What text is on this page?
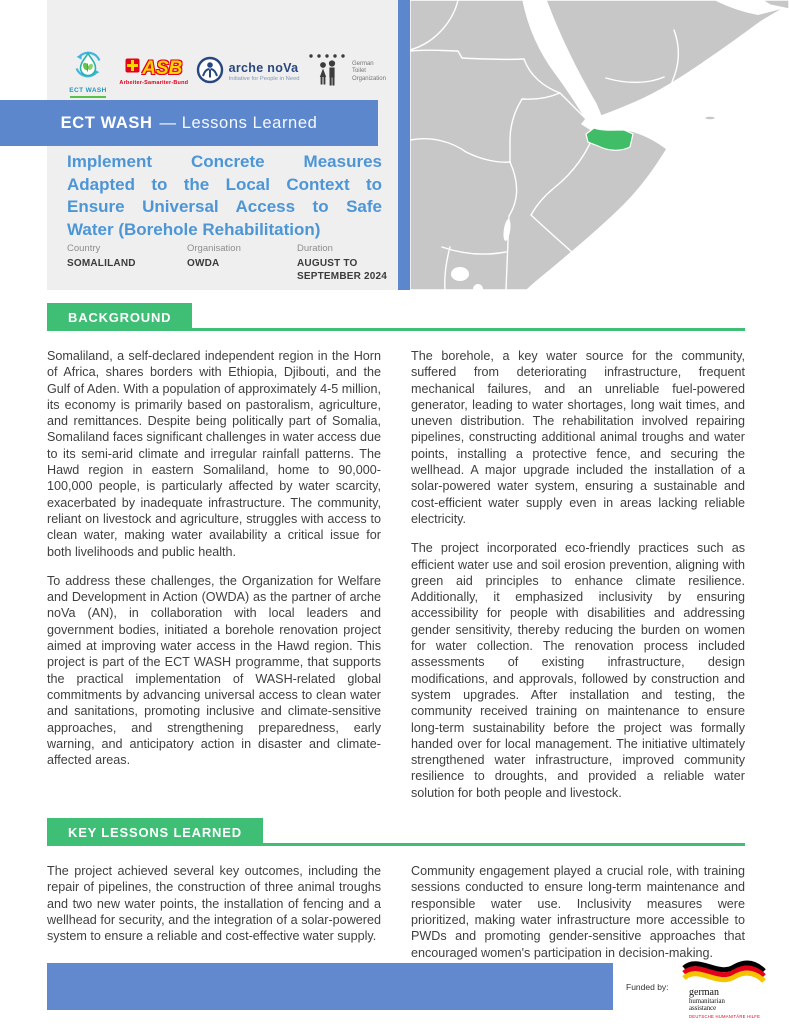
ECT WASH
ASB
Arbeiter-Samariter-Bund
arche noVa
Initiative for People in Need
German
Toilet
Organization
ECT WASH — Lessons Learned
Implement Concrete Measures Adapted to the Local Context to Ensure Universal Access to Safe Water (Borehole Rehabilitation)
Country
SOMALILAND
Organisation
OWDA
Duration
AUGUST TO SEPTEMBER 2024
BACKGROUND

Somaliland, a self-declared independent region in the Horn of Africa, shares borders with Ethiopia, Djibouti, and the Gulf of Aden. With a population of approximately 4-5 million, its economy is primarily based on pastoralism, agriculture, and remittances. Despite being politically part of Somalia, Somaliland faces significant challenges in water access due to its semi-arid climate and irregular rainfall patterns. The Hawd region in eastern Somaliland, home to 90,000-100,000 people, is particularly affected by water scarcity, exacerbated by inadequate infrastructure. The community, reliant on livestock and agriculture, struggles with access to clean water, making water availability a critical issue for both livelihoods and public health.

To address these challenges, the Organization for Welfare and Development in Action (OWDA) as the partner of arche noVa (AN), in collaboration with local leaders and government bodies, initiated a borehole renovation project aimed at improving water access in the Hawd region. This project is part of the ECT WASH programme, that supports the practical implementation of WASH-related global commitments by advancing universal access to clean water and sanitations, promoting inclusive and climate-sensitive approaches, and strengthening preparedness, early warning, and anticipatory action in disaster and climate-affected areas.

The borehole, a key water source for the community, suffered from deteriorating infrastructure, frequent mechanical failures, and an unreliable fuel-powered generator, leading to water shortages, long wait times, and uneven distribution. The rehabilitation involved repairing pipelines, constructing additional animal troughs and water points, installing a protective fence, and securing the wellhead. A major upgrade included the installation of a solar-powered water system, ensuring a sustainable and cost-efficient water supply even in areas lacking reliable electricity.

The project incorporated eco-friendly practices such as efficient water use and soil erosion prevention, aligning with green aid principles to enhance climate resilience. Additionally, it emphasized inclusivity by ensuring accessibility for people with disabilities and addressing gender sensitivity, thereby reducing the burden on women for water collection. The renovation process included assessments of existing infrastructure, design modifications, and approvals, followed by construction and system upgrades. After installation and testing, the community received training on maintenance to ensure long-term sustainability before the project was formally handed over for local management. The initiative ultimately strengthened water infrastructure, improved community resilience to droughts, and provided a reliable water solution for both people and livestock.

KEY LESSONS LEARNED

The project achieved several key outcomes, including the repair of pipelines, the construction of three animal troughs and two new water points, the installation of fencing and a wellhead for security, and the integration of a solar-powered system to ensure a reliable and cost-effective water supply.

Community engagement played a crucial role, with training sessions conducted to ensure long-term maintenance and responsible water use. Inclusivity measures were prioritized, making water infrastructure more accessible to PWDs and promoting gender-sensitive approaches that encouraged women's participation in decision-making.

Funded by: german
humanitarian
assistance
DEUTSCHE HUMANITÄRE HILFE
